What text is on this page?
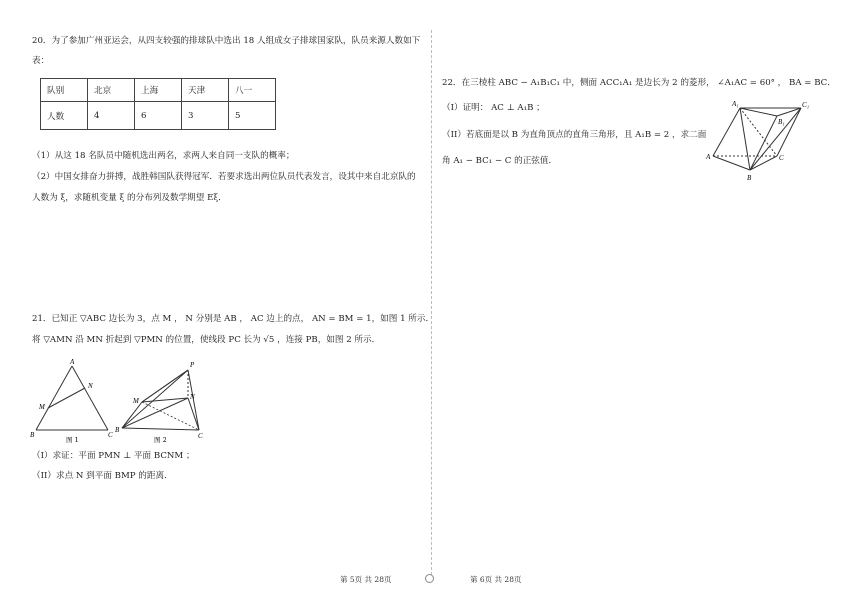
20．为了参加广州亚运会，从四支较强的排球队中选出 18 人组成女子排球国家队，队员来源人数如下
表：
队别	北京	上海	天津	八一
人数	4	6	3	5
（1）从这 18 名队员中随机选出两名，求两人来自同一支队的概率；
（2）中国女排奋力拼搏，战胜韩国队获得冠军．若要求选出两位队员代表发言，设其中来自北京队的
人数为 ξ，求随机变量 ξ 的分布列及数学期望 Eξ．
21．已知正 ▽ABC 边长为 3，点 M ， N 分别是 AB ， AC 边上的点， AN = BM = 1，如图 1 所示．
将 ▽AMN 沿 MN 折起到 ▽PMN 的位置，使线段 PC 长为 √5 ，连接 PB，如图 2 所示．
A
N
M
B	C
图 1
P
M	N
B
C
图 2
（I）求证：平面 PMN ⊥ 平面 BCNM ；
（II）求点 N 到平面 BMP 的距离．
22．在三棱柱 ABC − A₁B₁C₁ 中，侧面 ACC₁A₁ 是边长为 2 的菱形， ∠A₁AC = 60° ， BA = BC．
（I）证明： AC ⊥ A₁B ；
（II）若底面是以 B 为直角顶点的直角三角形，且 A₁B = 2 ，求二面
角 A₁ − BC₁ − C 的正弦值．
A₁
B₁
C₁
A
B
C
第 5页 共 28页	第 6页 共 28页
